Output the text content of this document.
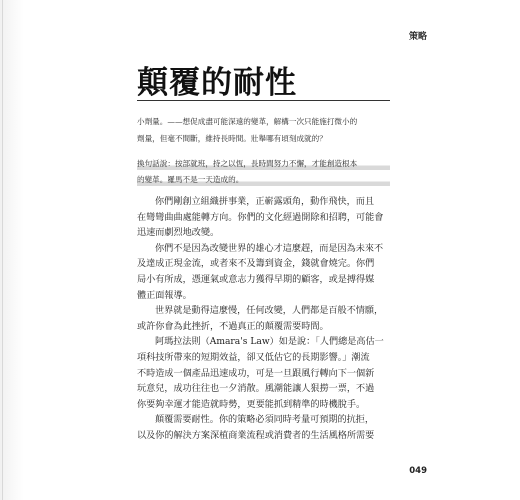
策略
顛覆的耐性

小劑量。——想促成盡可能深遠的變革，解構一次只能施打微小的
劑量，但毫不間斷，維持長時間。壯舉哪有頃刻成就的？

換句話說：按部就班，持之以恆，長時間努力不懈，才能創造根本
的變革。羅馬不是一天造成的。

你們剛創立組織拼事業，正嶄露頭角，動作飛快，而且
在彎彎曲曲處能轉方向。你們的文化經過開除和招聘，可能會
迅速而劇烈地改變。
你們不是因為改變世界的雄心才這麼趕，而是因為未來不
及達成正現金流，或者來不及籌到資金，錢就會燒完。你們
局小有所成，憑運氣或意志力獲得早期的顧客，或是搏得媒
體正面報導。
世界就是動得這麼慢，任何改變，人們都是百般不情願，
或許你會為此挫折，不過真正的顛覆需要時間。
阿瑪拉法則（Amara's Law）如是說：「人們總是高估一
項科技所帶來的短期效益，卻又低估它的長期影響。」潮流
不時造成一個產品迅速成功，可是一旦跟風行轉向下一個新
玩意兒，成功往往也一夕消散。風潮能讓人狠撈一票，不過
你要夠幸運才能造就時勢，更要能抓到精準的時機脫手。
顛覆需要耐性。你的策略必須同時考量可預期的抗拒，
以及你的解決方案深植商業流程或消費者的生活風格所需要
049
